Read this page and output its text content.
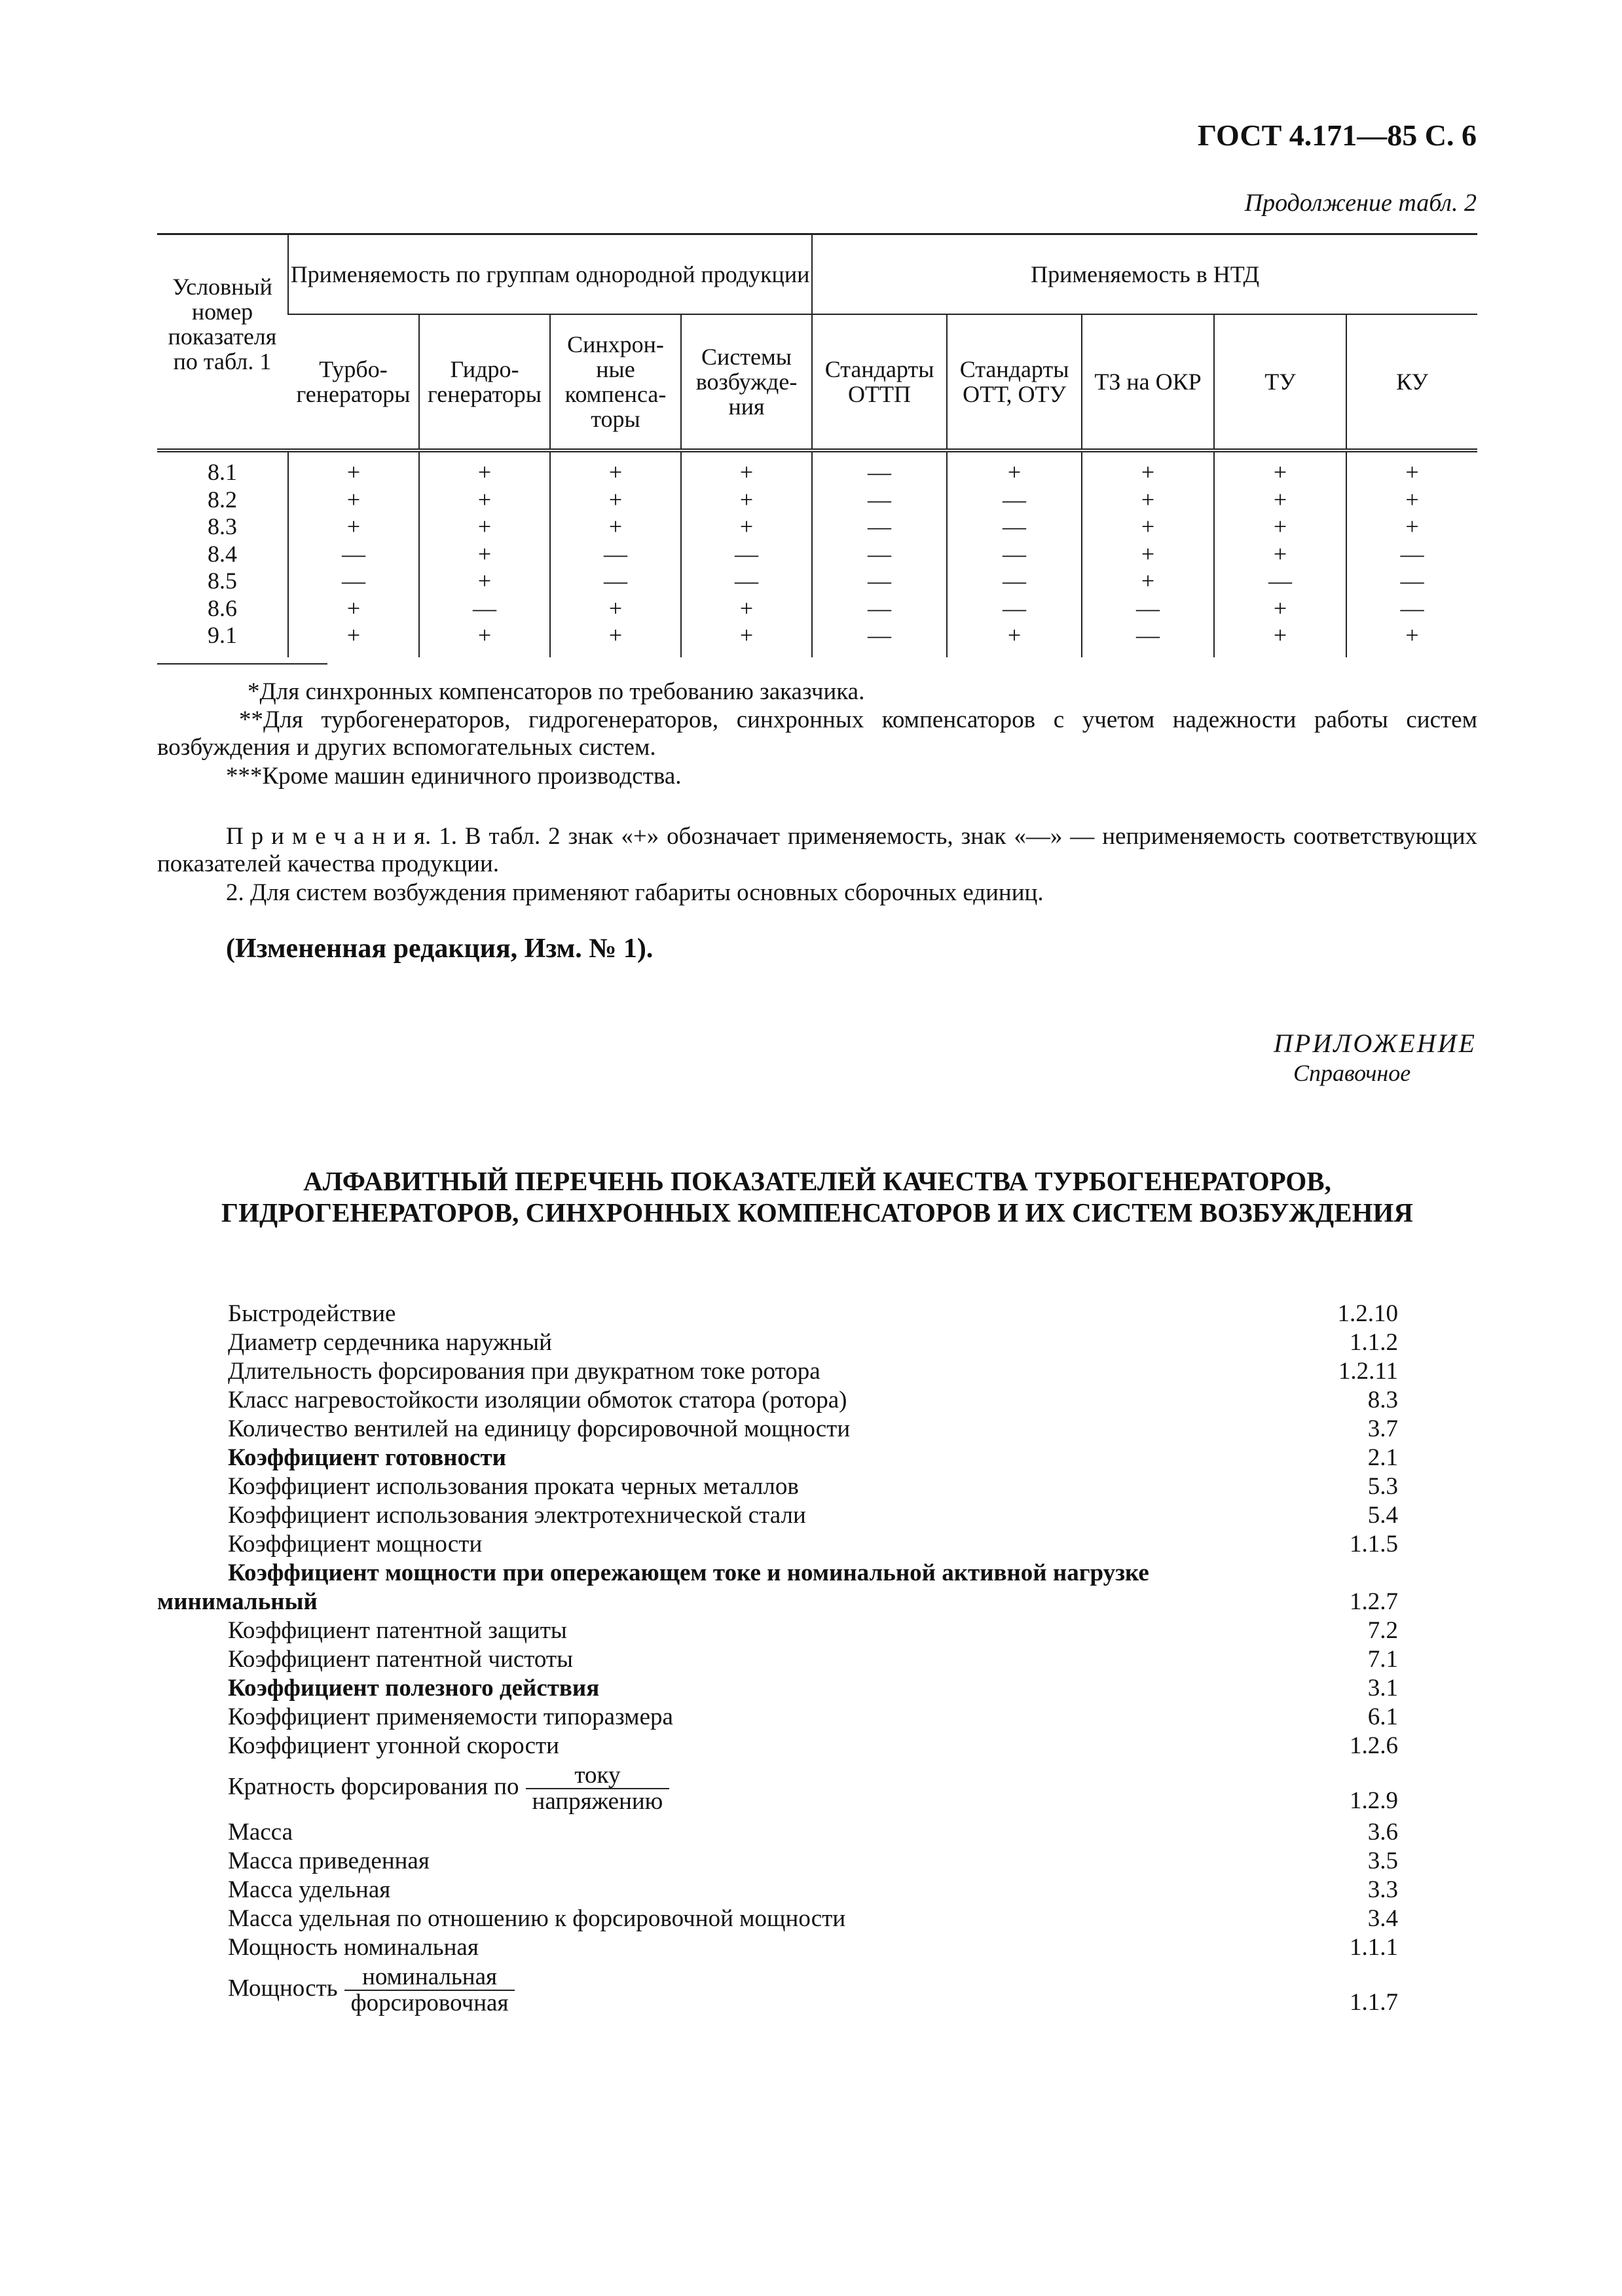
ГОСТ 4.171—85 С. 6
Продолжение табл. 2
Условный номер показателя по табл. 1	Применяемость по группам однородной продукции				Применяемость в НТД				
	Турбо-генераторы	Гидро-генераторы	Синхрон-ные компенса-торы	Системы возбужде-ния	Стандарты ОТТП	Стандарты ОТТ, ОТУ	ТЗ на ОКР	ТУ	КУ
8.1	+	+	+	+	—	+	+	+	+
8.2	+	+	+	+	—	—	+	+	+
8.3	+	+	+	+	—	—	+	+	+
8.4	—	+	—	—	—	—	+	+	—
8.5	—	+	—	—	—	—	+	—	—
8.6	+	—	+	+	—	—	—	+	—
9.1	+	+	+	+	—	+	—	+	+
*Для синхронных компенсаторов по требованию заказчика.
**Для турбогенераторов, гидрогенераторов, синхронных компенсаторов с учетом надежности работы систем возбуждения и других вспомогательных систем.
***Кроме машин единичного производства.
П р и м е ч а н и я. 1. В табл. 2 знак «+» обозначает применяемость, знак «—» — неприменяемость соответствующих показателей качества продукции.
2. Для систем возбуждения применяют габариты основных сборочных единиц.
(Измененная редакция, Изм. № 1).
ПРИЛОЖЕНИЕ
Справочное
АЛФАВИТНЫЙ ПЕРЕЧЕНЬ ПОКАЗАТЕЛЕЙ КАЧЕСТВА ТУРБОГЕНЕРАТОРОВ,
ГИДРОГЕНЕРАТОРОВ, СИНХРОННЫХ КОМПЕНСАТОРОВ И ИХ СИСТЕМ ВОЗБУЖДЕНИЯ
Быстродействие	1.2.10
Диаметр сердечника наружный	1.1.2
Длительность форсирования при двукратном токе ротора	1.2.11
Класс нагревостойкости изоляции обмоток статора (ротора)	8.3
Количество вентилей на единицу форсировочной мощности	3.7
Коэффициент готовности	2.1
Коэффициент использования проката черных металлов	5.3
Коэффициент использования электротехнической стали	5.4
Коэффициент мощности	1.1.5
Коэффициент мощности при опережающем токе и номинальной активной нагрузке минимальный	1.2.7
Коэффициент патентной защиты	7.2
Коэффициент патентной чистоты	7.1
Коэффициент полезного действия	3.1
Коэффициент применяемости типоразмера	6.1
Коэффициент угонной скорости	1.2.6
Кратность форсирования по $\frac{\text{току}}{\text{напряжению}}$	1.2.9
Масса	3.6
Масса приведенная	3.5
Масса удельная	3.3
Масса удельная по отношению к форсировочной мощности	3.4
Мощность номинальная	1.1.1
Мощность $\frac{\text{номинальная}}{\text{форсировочная}}$	1.1.7
